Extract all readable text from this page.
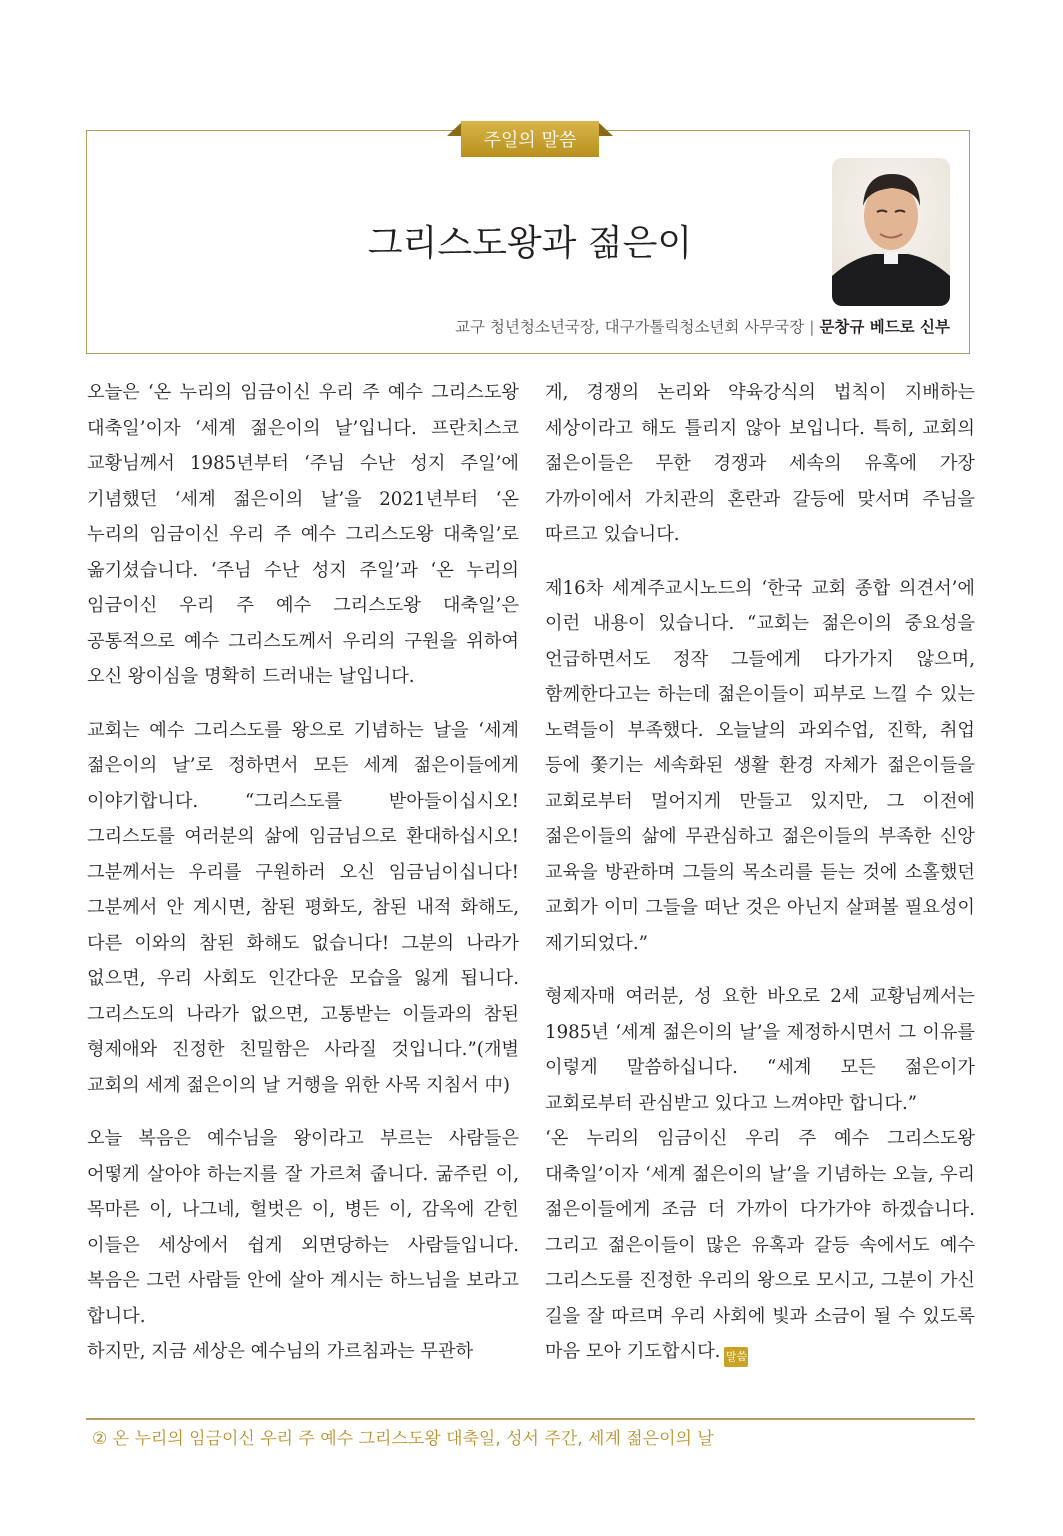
주일의 말씀
그리스도왕과 젊은이
교구 청년청소년국장, 대구가톨릭청소년회 사무국장 | 문창규 베드로 신부

오늘은 ‘온 누리의 임금이신 우리 주 예수 그리스도왕 대축일’이자 ‘세계 젊은이의 날’입니다. 프란치스코 교황님께서 1985년부터 ‘주님 수난 성지 주일’에 기념했던 ‘세계 젊은이의 날’을 2021년부터 ‘온 누리의 임금이신 우리 주 예수 그리스도왕 대축일’로 옮기셨습니다. ‘주님 수난 성지 주일’과 ‘온 누리의 임금이신 우리 주 예수 그리스도왕 대축일’은 공통적으로 예수 그리스도께서 우리의 구원을 위하여 오신 왕이심을 명확히 드러내는 날입니다.

교회는 예수 그리스도를 왕으로 기념하는 날을 ‘세계 젊은이의 날’로 정하면서 모든 세계 젊은이들에게 이야기합니다. “그리스도를 받아들이십시오! 그리스도를 여러분의 삶에 임금님으로 환대하십시오! 그분께서는 우리를 구원하러 오신 임금님이십니다! 그분께서 안 계시면, 참된 평화도, 참된 내적 화해도, 다른 이와의 참된 화해도 없습니다! 그분의 나라가 없으면, 우리 사회도 인간다운 모습을 잃게 됩니다. 그리스도의 나라가 없으면, 고통받는 이들과의 참된 형제애와 진정한 친밀함은 사라질 것입니다.”(개별 교회의 세계 젊은이의 날 거행을 위한 사목 지침서 中)

오늘 복음은 예수님을 왕이라고 부르는 사람들은 어떻게 살아야 하는지를 잘 가르쳐 줍니다. 굶주린 이, 목마른 이, 나그네, 헐벗은 이, 병든 이, 감옥에 갇힌 이들은 세상에서 쉽게 외면당하는 사람들입니다. 복음은 그런 사람들 안에 살아 계시는 하느님을 보라고 합니다.

하지만, 지금 세상은 예수님의 가르침과는 무관하

게, 경쟁의 논리와 약육강식의 법칙이 지배하는 세상이라고 해도 틀리지 않아 보입니다. 특히, 교회의 젊은이들은 무한 경쟁과 세속의 유혹에 가장 가까이에서 가치관의 혼란과 갈등에 맞서며 주님을 따르고 있습니다.

제16차 세계주교시노드의 ‘한국 교회 종합 의견서’에 이런 내용이 있습니다. “교회는 젊은이의 중요성을 언급하면서도 정작 그들에게 다가가지 않으며, 함께한다고는 하는데 젊은이들이 피부로 느낄 수 있는 노력들이 부족했다. 오늘날의 과외수업, 진학, 취업 등에 쫓기는 세속화된 생활 환경 자체가 젊은이들을 교회로부터 멀어지게 만들고 있지만, 그 이전에 젊은이들의 삶에 무관심하고 젊은이들의 부족한 신앙 교육을 방관하며 그들의 목소리를 듣는 것에 소홀했던 교회가 이미 그들을 떠난 것은 아닌지 살펴볼 필요성이 제기되었다.”

형제자매 여러분, 성 요한 바오로 2세 교황님께서는 1985년 ‘세계 젊은이의 날’을 제정하시면서 그 이유를 이렇게 말씀하십니다. “세계 모든 젊은이가 교회로부터 관심받고 있다고 느껴야만 합니다.”

‘온 누리의 임금이신 우리 주 예수 그리스도왕 대축일’이자 ‘세계 젊은이의 날’을 기념하는 오늘, 우리 젊은이들에게 조금 더 가까이 다가가야 하겠습니다. 그리고 젊은이들이 많은 유혹과 갈등 속에서도 예수 그리스도를 진정한 우리의 왕으로 모시고, 그분이 가신 길을 잘 따르며 우리 사회에 빛과 소금이 될 수 있도록 마음 모아 기도합시다. 말씀

② 온 누리의 임금이신 우리 주 예수 그리스도왕 대축일, 성서 주간, 세계 젊은이의 날
